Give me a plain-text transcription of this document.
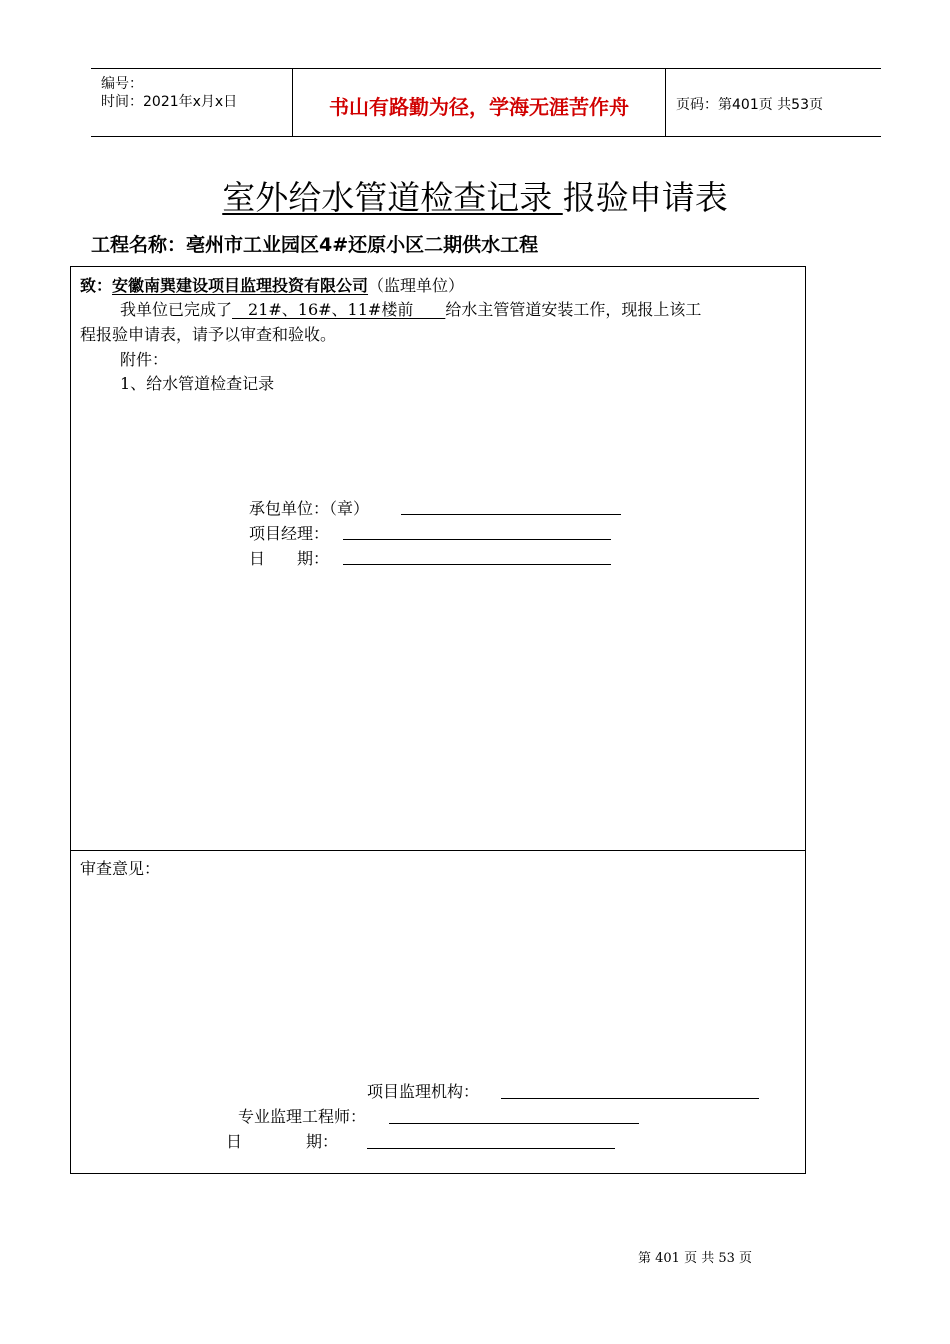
编号：
时间：2021年x月x日	书山有路勤为径，学海无涯苦作舟	页码：第401页 共53页
室外给水管道检查记录 报验申请表
工程名称：亳州市工业园区4#还原小区二期供水工程
致：安徽南巽建设项目监理投资有限公司（监理单位）
我单位已完成了　21#、16#、11#楼前　　给水主管管道安装工作，现报上该工
程报验申请表，请予以审查和验收。
附件：
1、给水管道检查记录
承包单位：（章）
项目经理：
日　　期：
审查意见：
项目监理机构：
专业监理工程师：
日　　　　期：
第 401 页 共 53 页
